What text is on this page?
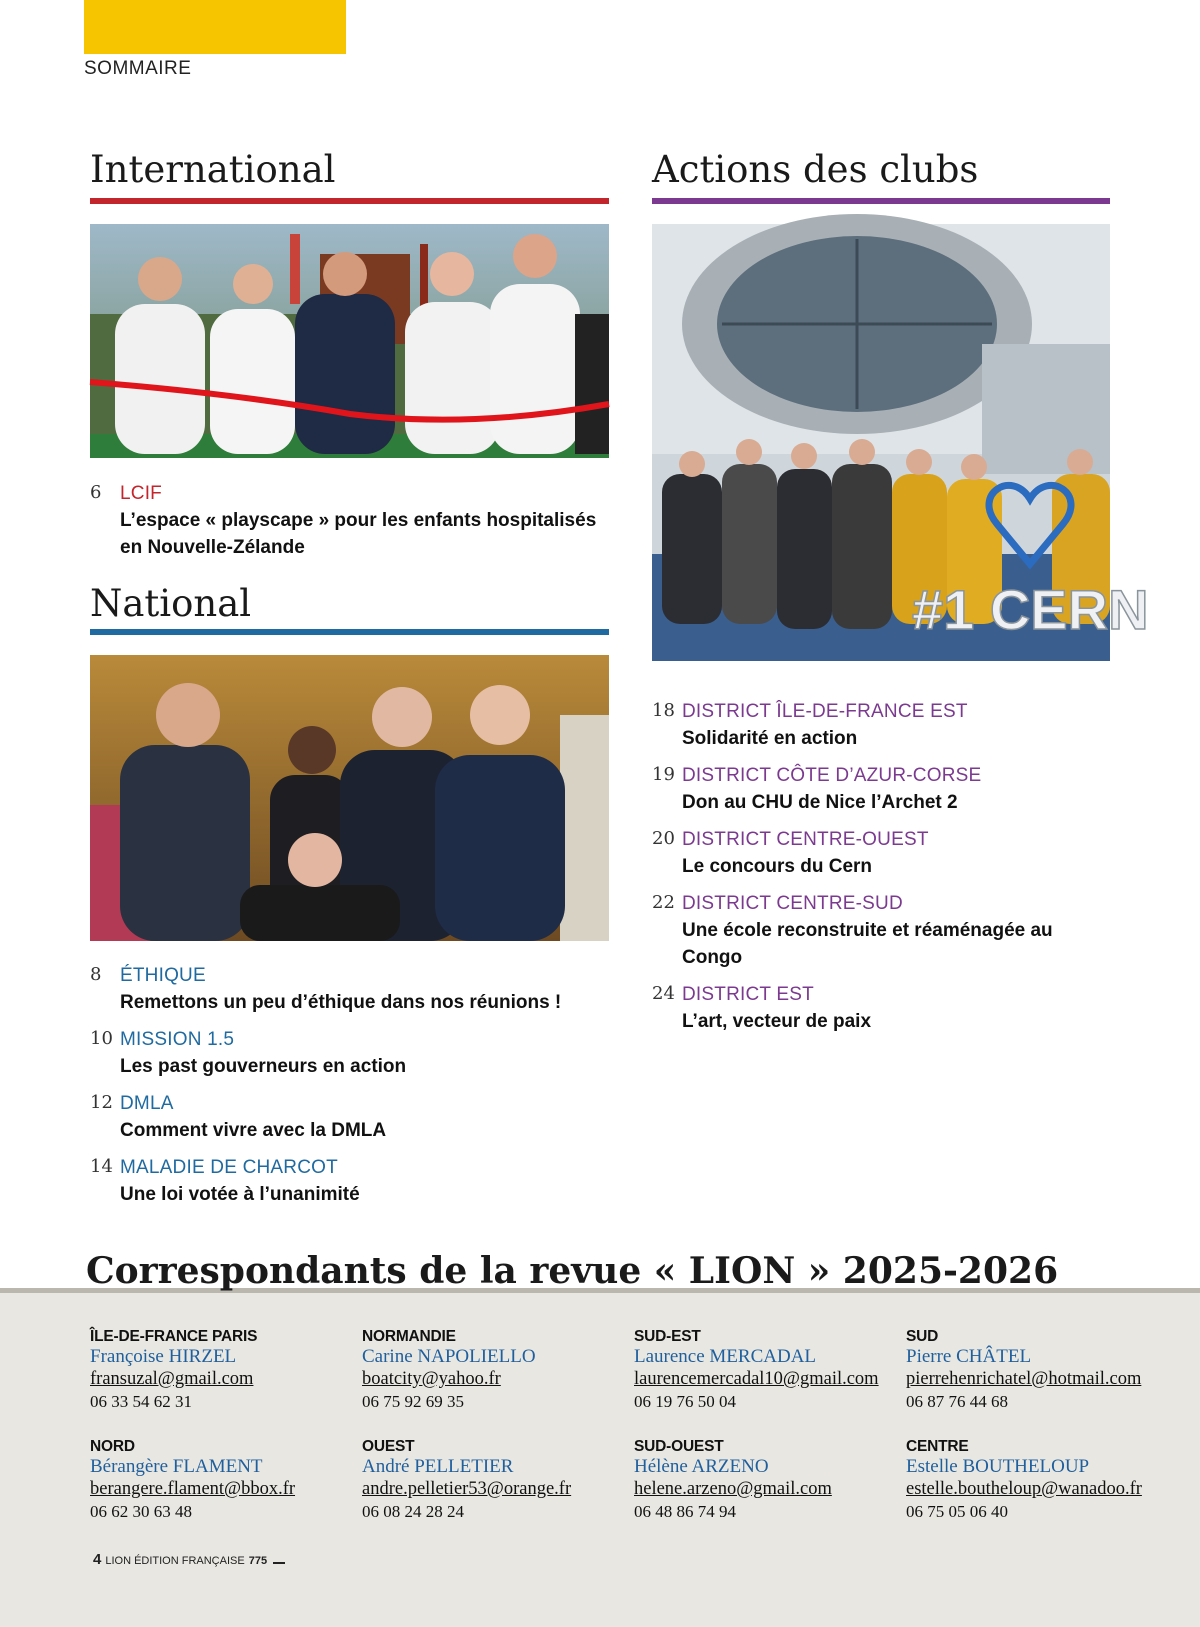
SOMMAIRE
International
6 LCIF
L’espace « playscape » pour les enfants hospitalisés en Nouvelle-Zélande
National
8 ÉTHIQUE
Remettons un peu d’éthique dans nos réunions !
10 MISSION 1.5
Les past gouverneurs en action
12 DMLA
Comment vivre avec la DMLA
14 MALADIE DE CHARCOT
Une loi votée à l’unanimité
Actions des clubs
#1 CERN
18 DISTRICT ÎLE-DE-FRANCE EST
Solidarité en action
19 DISTRICT CÔTE D’AZUR-CORSE
Don au CHU de Nice l’Archet 2
20 DISTRICT CENTRE-OUEST
Le concours du Cern
22 DISTRICT CENTRE-SUD
Une école reconstruite et réaménagée au Congo
24 DISTRICT EST
L’art, vecteur de paix
Correspondants de la revue « LION » 2025-2026
ÎLE-DE-FRANCE PARIS
Françoise HIRZEL
fransuzal@gmail.com
06 33 54 62 31
NORD
Bérangère FLAMENT
berangere.flament@bbox.fr
06 62 30 63 48
NORMANDIE
Carine NAPOLIELLO
boatcity@yahoo.fr
06 75 92 69 35
OUEST
André PELLETIER
andre.pelletier53@orange.fr
06 08 24 28 24
SUD-EST
Laurence MERCADAL
laurencemercadal10@gmail.com
06 19 76 50 04
SUD-OUEST
Hélène ARZENO
helene.arzeno@gmail.com
06 48 86 74 94
SUD
Pierre CHÂTEL
pierrehenrichatel@hotmail.com
06 87 76 44 68
CENTRE
Estelle BOUTHELOUP
estelle.boutheloup@wanadoo.fr
06 75 05 06 40
4 LION ÉDITION FRANÇAISE 775
